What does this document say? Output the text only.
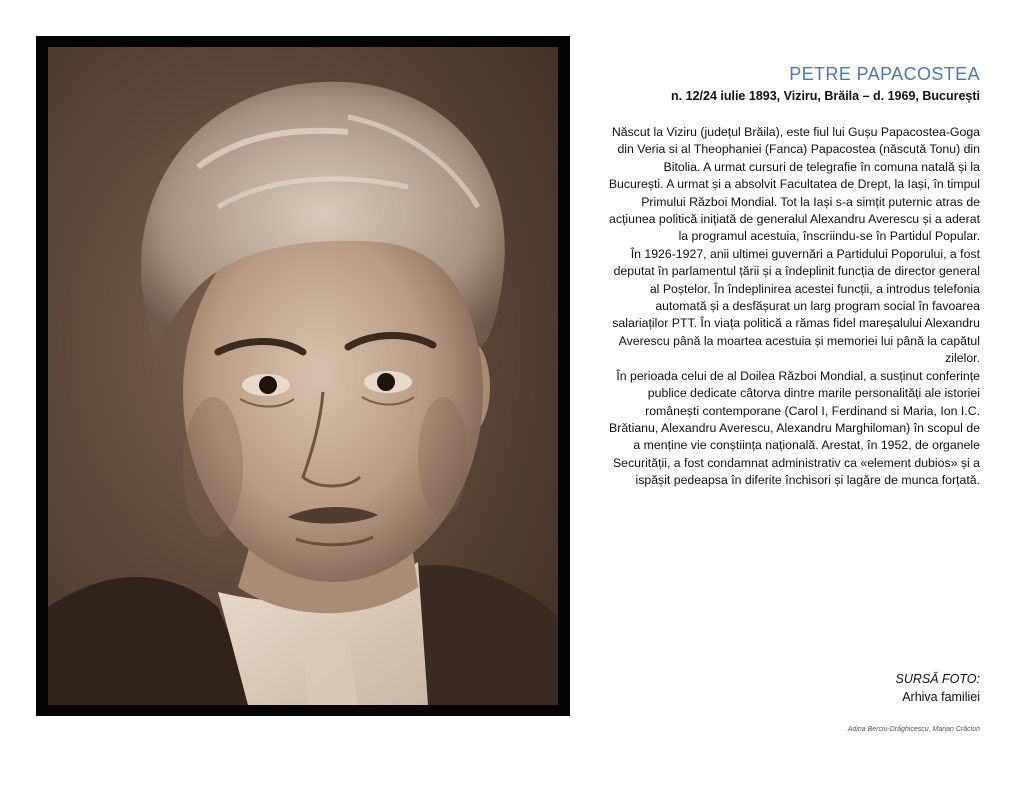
PETRE PAPACOSTEA
n. 12/24 iulie 1893, Viziru, Brăila – d. 1969, București

Născut la Viziru (județul Brăila), este fiul lui Gușu Papacostea-Goga din Veria si al Theophaniei (Fanca) Papacostea (născută Tonu) din Bitolia. A urmat cursuri de telegrafie în comuna natală și la București. A urmat și a absolvit Facultatea de Drept, la Iași, în timpul Primului Război Mondial. Tot la Iași s-a simțit puternic atras de acțiunea politică inițiată de generalul Alexandru Averescu și a aderat la programul acestuia, înscriindu-se în Partidul Popular.

În 1926-1927, anii ultimei guvernări a Partidului Poporului, a fost deputat în parlamentul țării și a îndeplinit funcția de director general al Poștelor. În îndeplinirea acestei funcții, a introdus telefonia automată și a desfășurat un larg program social în favoarea salariaților PTT. În viața politică a rămas fidel mareșalului Alexandru Averescu până la moartea acestuia și memoriei lui până la capătul zilelor.

În perioada celui de al Doilea Război Mondial, a susținut conferințe publice dedicate câtorva dintre marile personalități ale istoriei românești contemporane (Carol I, Ferdinand si Maria, Ion I.C. Brătianu, Alexandru Averescu, Alexandru Marghiloman) în scopul de a menține vie conștiința națională. Arestat, în 1952, de organele Securității, a fost condamnat administrativ ca «element dubios» și a ispășit pedeapsa în diferite închisori și lagăre de munca forțată.

SURSĂ FOTO:
Arhiva familiei
Adina Berciu-Drăghicescu, Marian Crăciun
